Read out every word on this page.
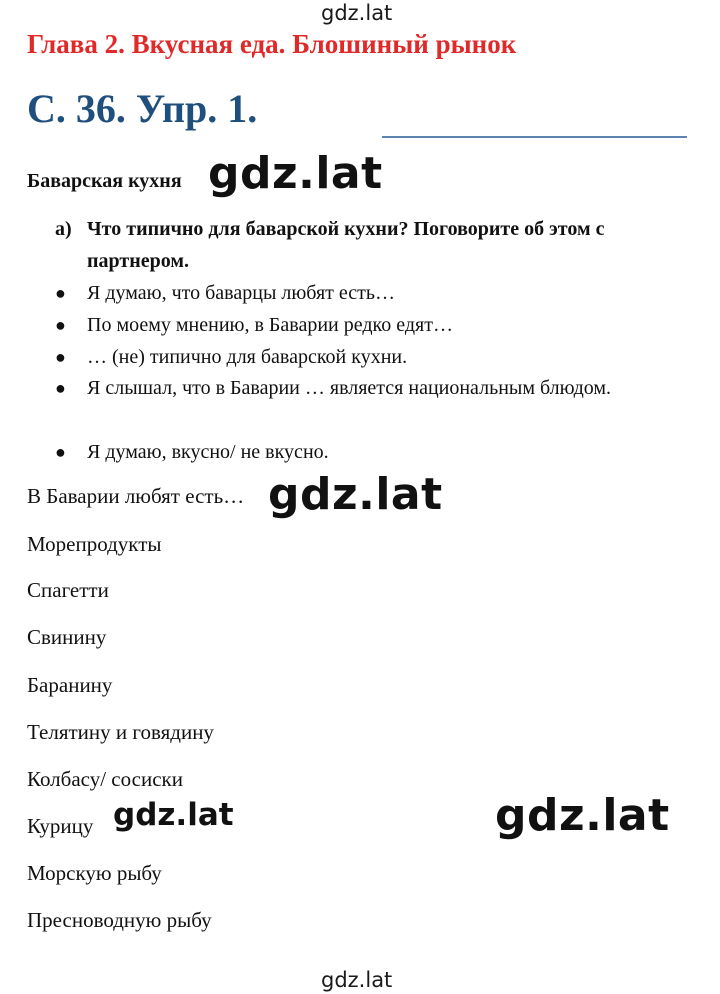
gdz.lat
Глава 2. Вкусная еда. Блошиный рынок
С. 36. Упр. 1.
Баварская кухня gdz.lat
а) Что типично для баварской кухни? Поговорите об этом с партнером.
●	Я думаю, что баварцы любят есть…
●	По моему мнению, в Баварии редко едят…
●	… (не) типично для баварской кухни.
●	Я слышал, что в Баварии … является национальным блюдом.
●	Я думаю, вкусно/ не вкусно.
В Баварии любят есть… gdz.lat
Морепродукты
Спагетти
Свинину
Баранину
Телятину и говядину
Колбасу/ сосиски
Курицу
Морскую рыбу
Пресноводную рыбу
gdz.lat	gdz.lat
gdz.lat
